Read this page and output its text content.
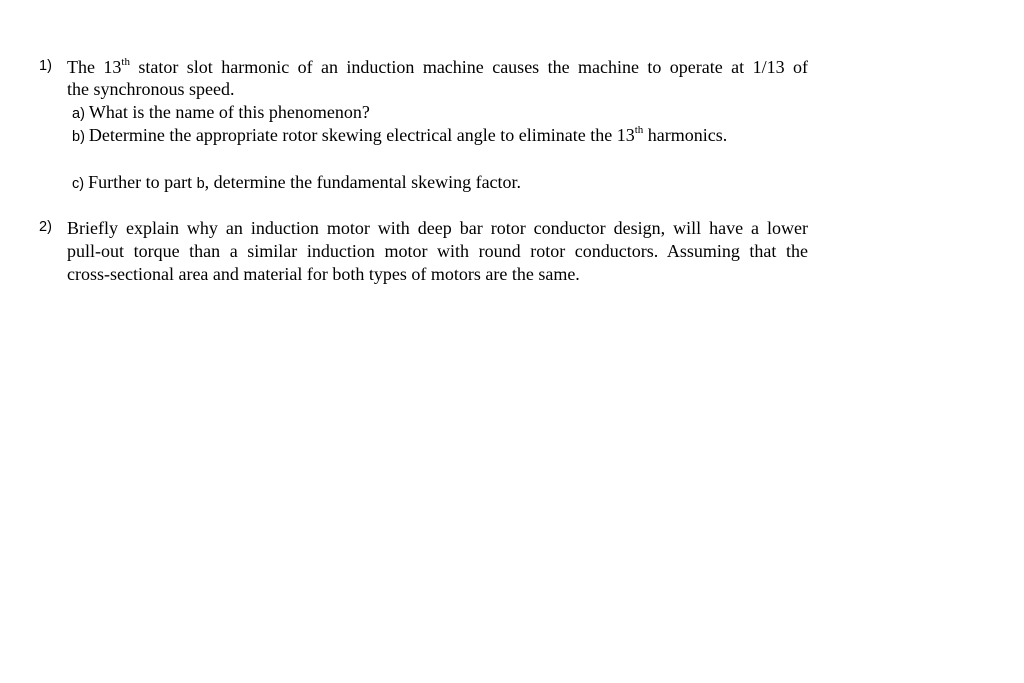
1) The 13th stator slot harmonic of an induction machine causes the machine to operate at 1/13 of
the synchronous speed.
a) What is the name of this phenomenon?
b) Determine the appropriate rotor skewing electrical angle to eliminate the 13th harmonics.
c) Further to part b, determine the fundamental skewing factor.
2) Briefly explain why an induction motor with deep bar rotor conductor design, will have a lower
pull-out torque than a similar induction motor with round rotor conductors. Assuming that the
cross-sectional area and material for both types of motors are the same.
